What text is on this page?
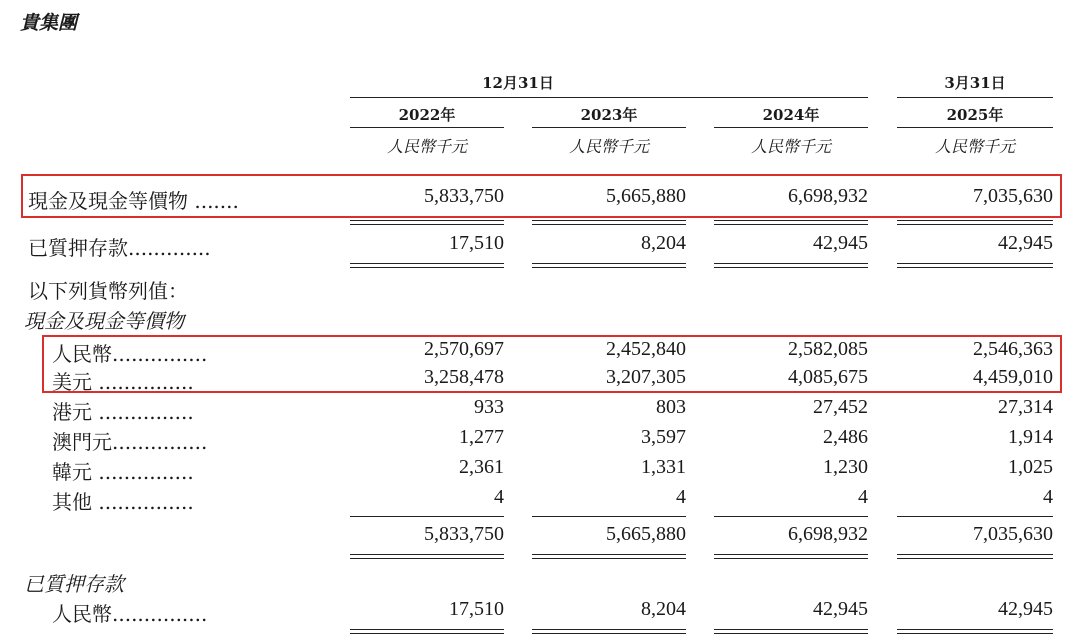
貴集團
12月31日	3月31日
2022年	2023年	2024年	2025年
人民幣千元	人民幣千元	人民幣千元	人民幣千元
現金及現金等價物 .......	5,833,750	5,665,880	6,698,932	7,035,630
已質押存款.............	17,510	8,204	42,945	42,945
以下列貨幣列值：
現金及現金等價物
人民幣...............	2,570,697	2,452,840	2,582,085	2,546,363
美元 ...............	3,258,478	3,207,305	4,085,675	4,459,010
港元 ...............	933	803	27,452	27,314
澳門元...............	1,277	3,597	2,486	1,914
韓元 ...............	2,361	1,331	1,230	1,025
其他 ...............	4	4	4	4
5,833,750	5,665,880	6,698,932	7,035,630
已質押存款
人民幣...............	17,510	8,204	42,945	42,945
